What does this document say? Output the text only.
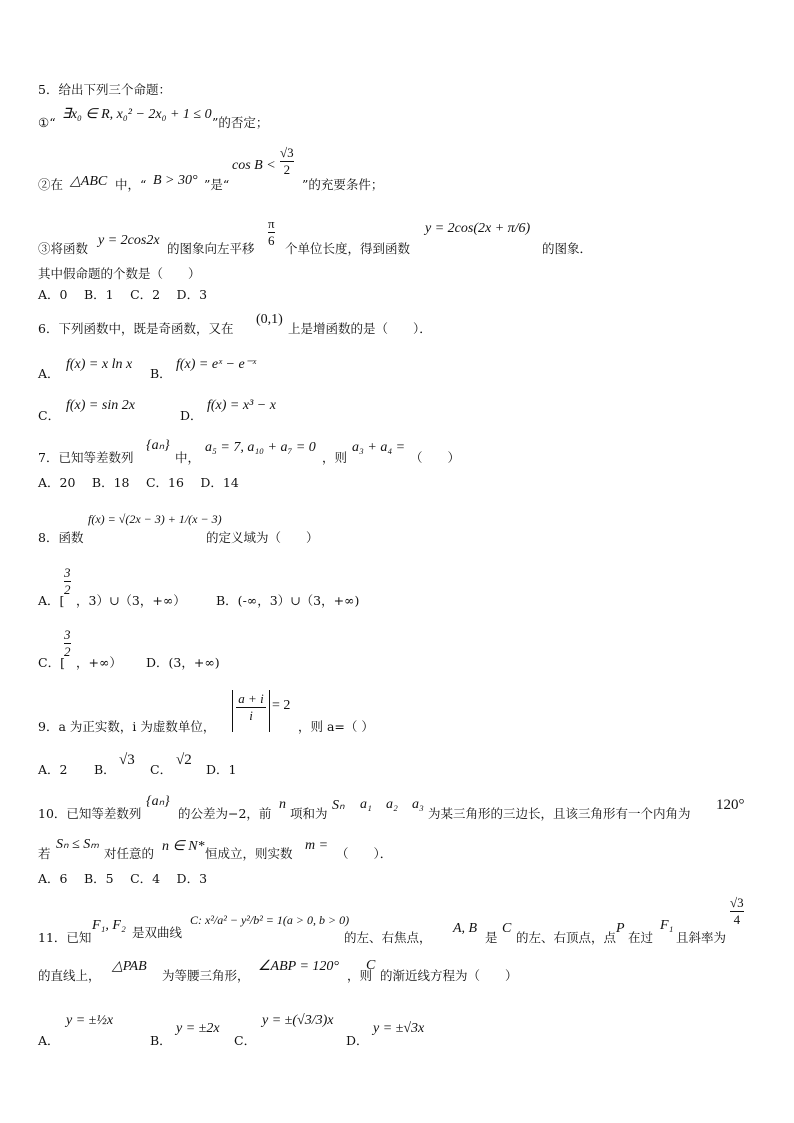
5．给出下列三个命题：
①“
∃x₀ ∈ R, x₀² − 2x₀ + 1 ≤ 0
”的否定；
②在 △ABC 中，“ B > 30° ”是“
cos B <
√3
2
”的充要条件；
③将函数
y = 2cos2x
的图象向左平移
π
6
个单位长度，得到函数
y = 2cos(2x + π/6)
的图象．
其中假命题的个数是（　　）
A．0　 B．1　 C．2　 D．3
6．下列函数中，既是奇函数，又在
(0,1)
上是增函数的是（　　）．
A．
f(x) = x ln x
B．
f(x) = eˣ − e⁻ˣ
C．
f(x) = sin 2x
D．
f(x) = x³ − x
7．已知等差数列
{aₙ}
中，
a₅ = 7, a₁₀ + a₇ = 0
，则
a₃ + a₄ =
（　　）
A．20　 B．18　 C．16　 D．14
8．函数
f(x) = √(2x − 3) + 1/(x − 3)
的定义域为（　　）
A．[
3
2
，3）∪（3，+∞） B．(-∞，3）∪（3，+∞)
C．[
3
2
，+∞） D．(3，+∞)
9．a 为正实数，i 为虚数单位，
a + i
i
= 2
，则 a=（ ）
A．2 B．
√3
C．
√2
D．1
10．已知等差数列
{aₙ}
的公差为−2，前
n
项和为
Sₙ a₁ a₂ a₃
为某三角形的三边长，且该三角形有一个内角为
120°
若
Sₙ ≤ Sₘ
对任意的 n ∈ N* 恒成立，则实数
m =
（　　）．
A．6　 B．5　 C．4　 D．3
11．已知
F₁, F₂ 是双曲线
C: x²/a² − y²/b² = 1(a > 0, b > 0)
的左、右焦点，
A, B
是
C
的左、右顶点，点
P
在过
F₁
且斜率为
√3
4
的直线上，
△PAB
为等腰三角形，
∠ABP = 120°
，则
C
的渐近线方程为（　　）
A．
y = ±½x
B．
y = ±2x
C．
y = ±(√3/3)x
D．
y = ±√3x
